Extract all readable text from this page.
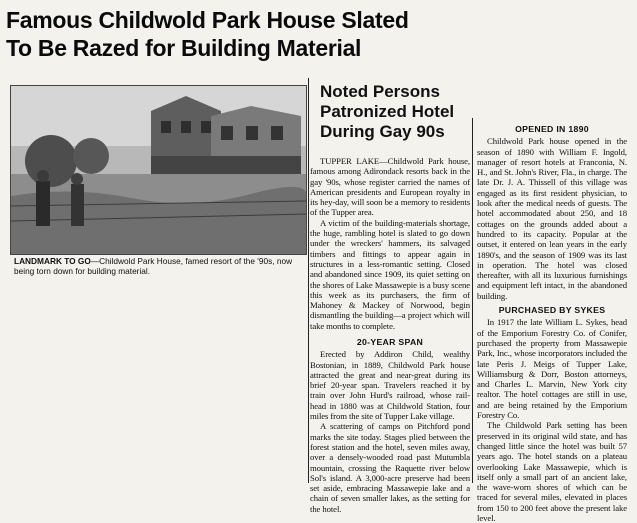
Famous Childwold Park House Slated
To Be Razed for Building Material
LANDMARK TO GO—Childwold Park House, famed resort of the '90s, now being torn down for building material.
Noted Persons
Patronized Hotel
During Gay 90s

TUPPER LAKE—Childwold Park house, famous among Adirondack resorts back in the gay '90s, whose register carried the names of American presidents and European royalty in its hey-day, will soon be a memory to residents of the Tupper area.

A victim of the building-materials shortage, the huge, rambling hotel is slated to go down under the wreckers' hammers, its salvaged timbers and fittings to appear again in structures in a less-romantic setting. Closed and abandoned since 1909, its quiet setting on the shores of Lake Massawepie is a busy scene this week as its purchasers, the firm of Mahoney & Mackey of Norwood, begin dismantling the building—a project which will take months to complete.

20-YEAR SPAN

Erected by Addiron Child, wealthy Bostonian, in 1889, Childwold Park house attracted the great and near-great during its brief 20-year span. Travelers reached it by train over John Hurd's railroad, whose rail-head in 1880 was at Childwold Station, four miles from the site of Tupper Lake village.

A scattering of camps on Pitchford pond marks the site today. Stages plied between the forest station and the hotel, seven miles away, over a densely-wooded road past Mutumbla mountain, crossing the Raquette river below Sol's island. A 3,000-acre preserve had been set aside, embracing Massawepie lake and a chain of seven smaller lakes, as the setting for the hotel.

OPENED IN 1890

Childwold Park house opened in the season of 1890 with William F. Ingold, manager of resort hotels at Franconia, N. H., and St. John's River, Fla., in charge. The late Dr. J. A. Thissell of this village was engaged as its first resident physician, to look after the medical needs of guests. The hotel accommodated about 250, and 18 cottages on the grounds added about a hundred to its capacity. Popular at the outset, it entered on lean years in the early 1890's, and the season of 1909 was its last in operation. The hotel was closed thereafter, with all its luxurious furnishings and equipment left intact, in the abandoned building.

PURCHASED BY SYKES

In 1917 the late William L. Sykes, head of the Emporium Forestry Co. of Conifer, purchased the property from Massawepie Park, Inc., whose incorporators included the late Peris J. Meigs of Tupper Lake, Williamsburg & Dorr, Boston attorneys, and Charles L. Marvin, New York city realtor. The hotel cottages are still in use, and are being retained by the Emporium Forestry Co.

The Childwold Park setting has been preserved in its original wild state, and has changed little since the hotel was built 57 years ago. The hotel stands on a plateau overlooking Lake Massawepie, which is itself only a small part of an ancient lake, the wave-worn shores of which can be traced for several miles, elevated in places from 150 to 200 feet above the present lake level.
